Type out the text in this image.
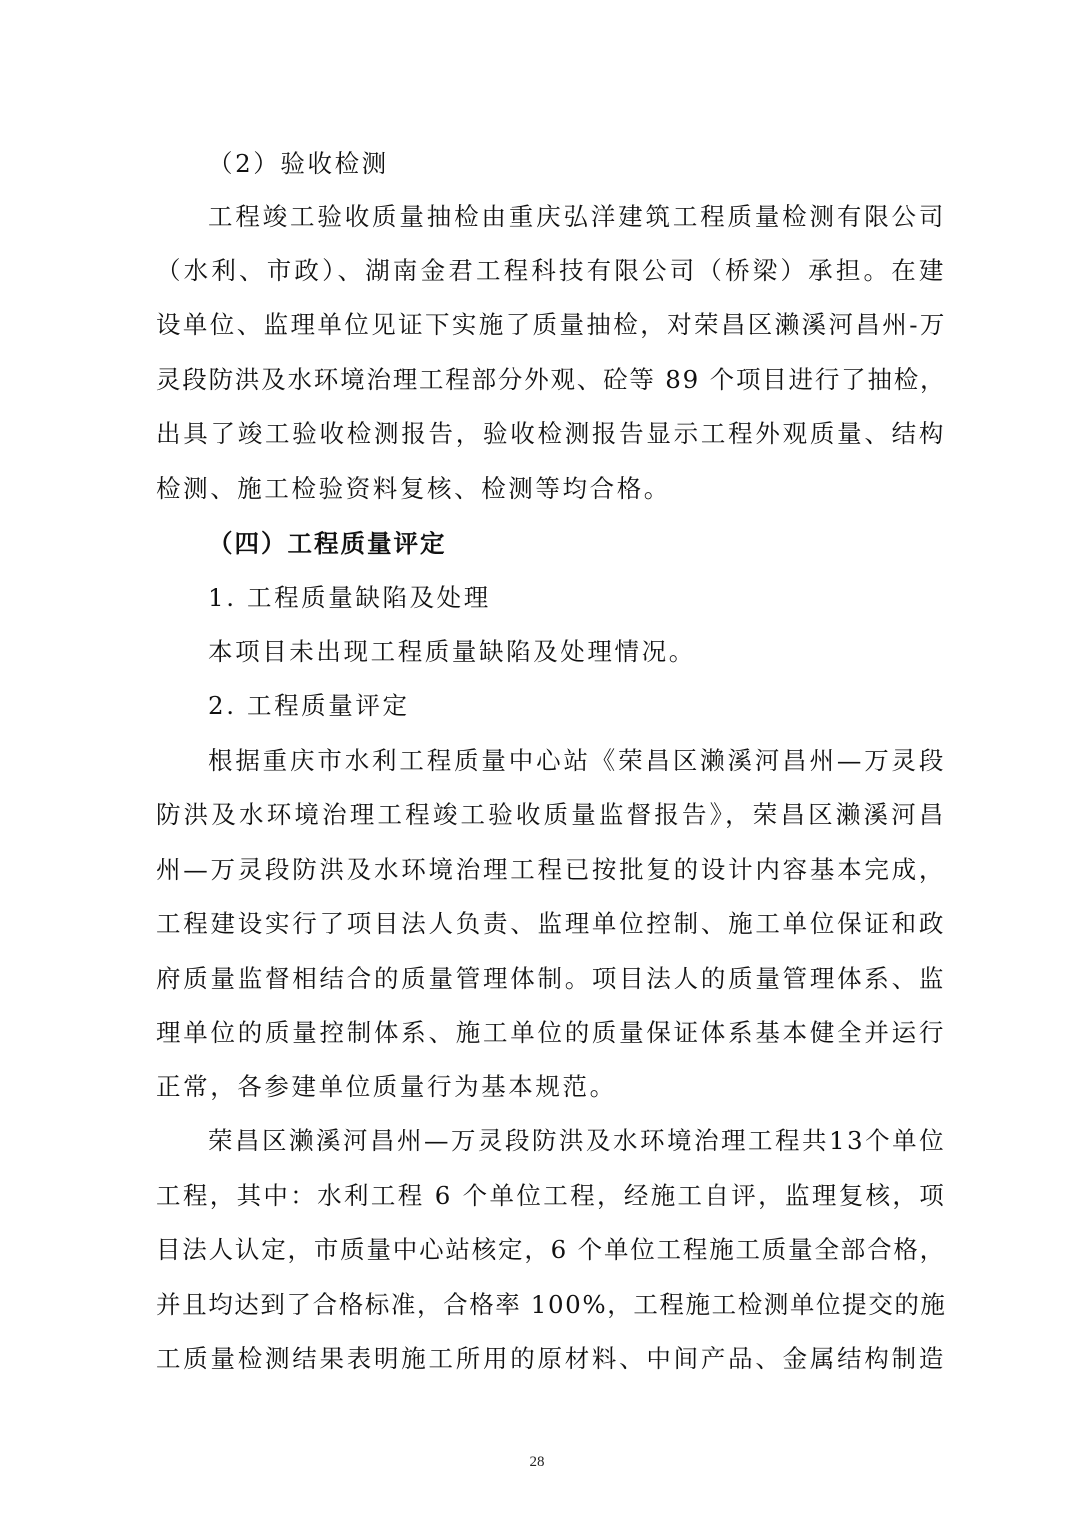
（2）验收检测
工程竣工验收质量抽检由重庆弘洋建筑工程质量检测有限公司
（水利、市政）、湖南金君工程科技有限公司（桥梁）承担。在建
设单位、监理单位见证下实施了质量抽检，对荣昌区濑溪河昌州-万
灵段防洪及水环境治理工程部分外观、砼等 89 个项目进行了抽检，
出具了竣工验收检测报告，验收检测报告显示工程外观质量、结构
检测、施工检验资料复核、检测等均合格。
（四）工程质量评定
1. 工程质量缺陷及处理
本项目未出现工程质量缺陷及处理情况。
2. 工程质量评定
根据重庆市水利工程质量中心站《荣昌区濑溪河昌州—万灵段
防洪及水环境治理工程竣工验收质量监督报告》，荣昌区濑溪河昌
州—万灵段防洪及水环境治理工程已按批复的设计内容基本完成，
工程建设实行了项目法人负责、监理单位控制、施工单位保证和政
府质量监督相结合的质量管理体制。项目法人的质量管理体系、监
理单位的质量控制体系、施工单位的质量保证体系基本健全并运行
正常，各参建单位质量行为基本规范。
荣昌区濑溪河昌州—万灵段防洪及水环境治理工程共13个单位
工程，其中：水利工程 6 个单位工程，经施工自评，监理复核，项
目法人认定，市质量中心站核定，6 个单位工程施工质量全部合格，
并且均达到了合格标准，合格率 100%，工程施工检测单位提交的施
工质量检测结果表明施工所用的原材料、中间产品、金属结构制造
28
